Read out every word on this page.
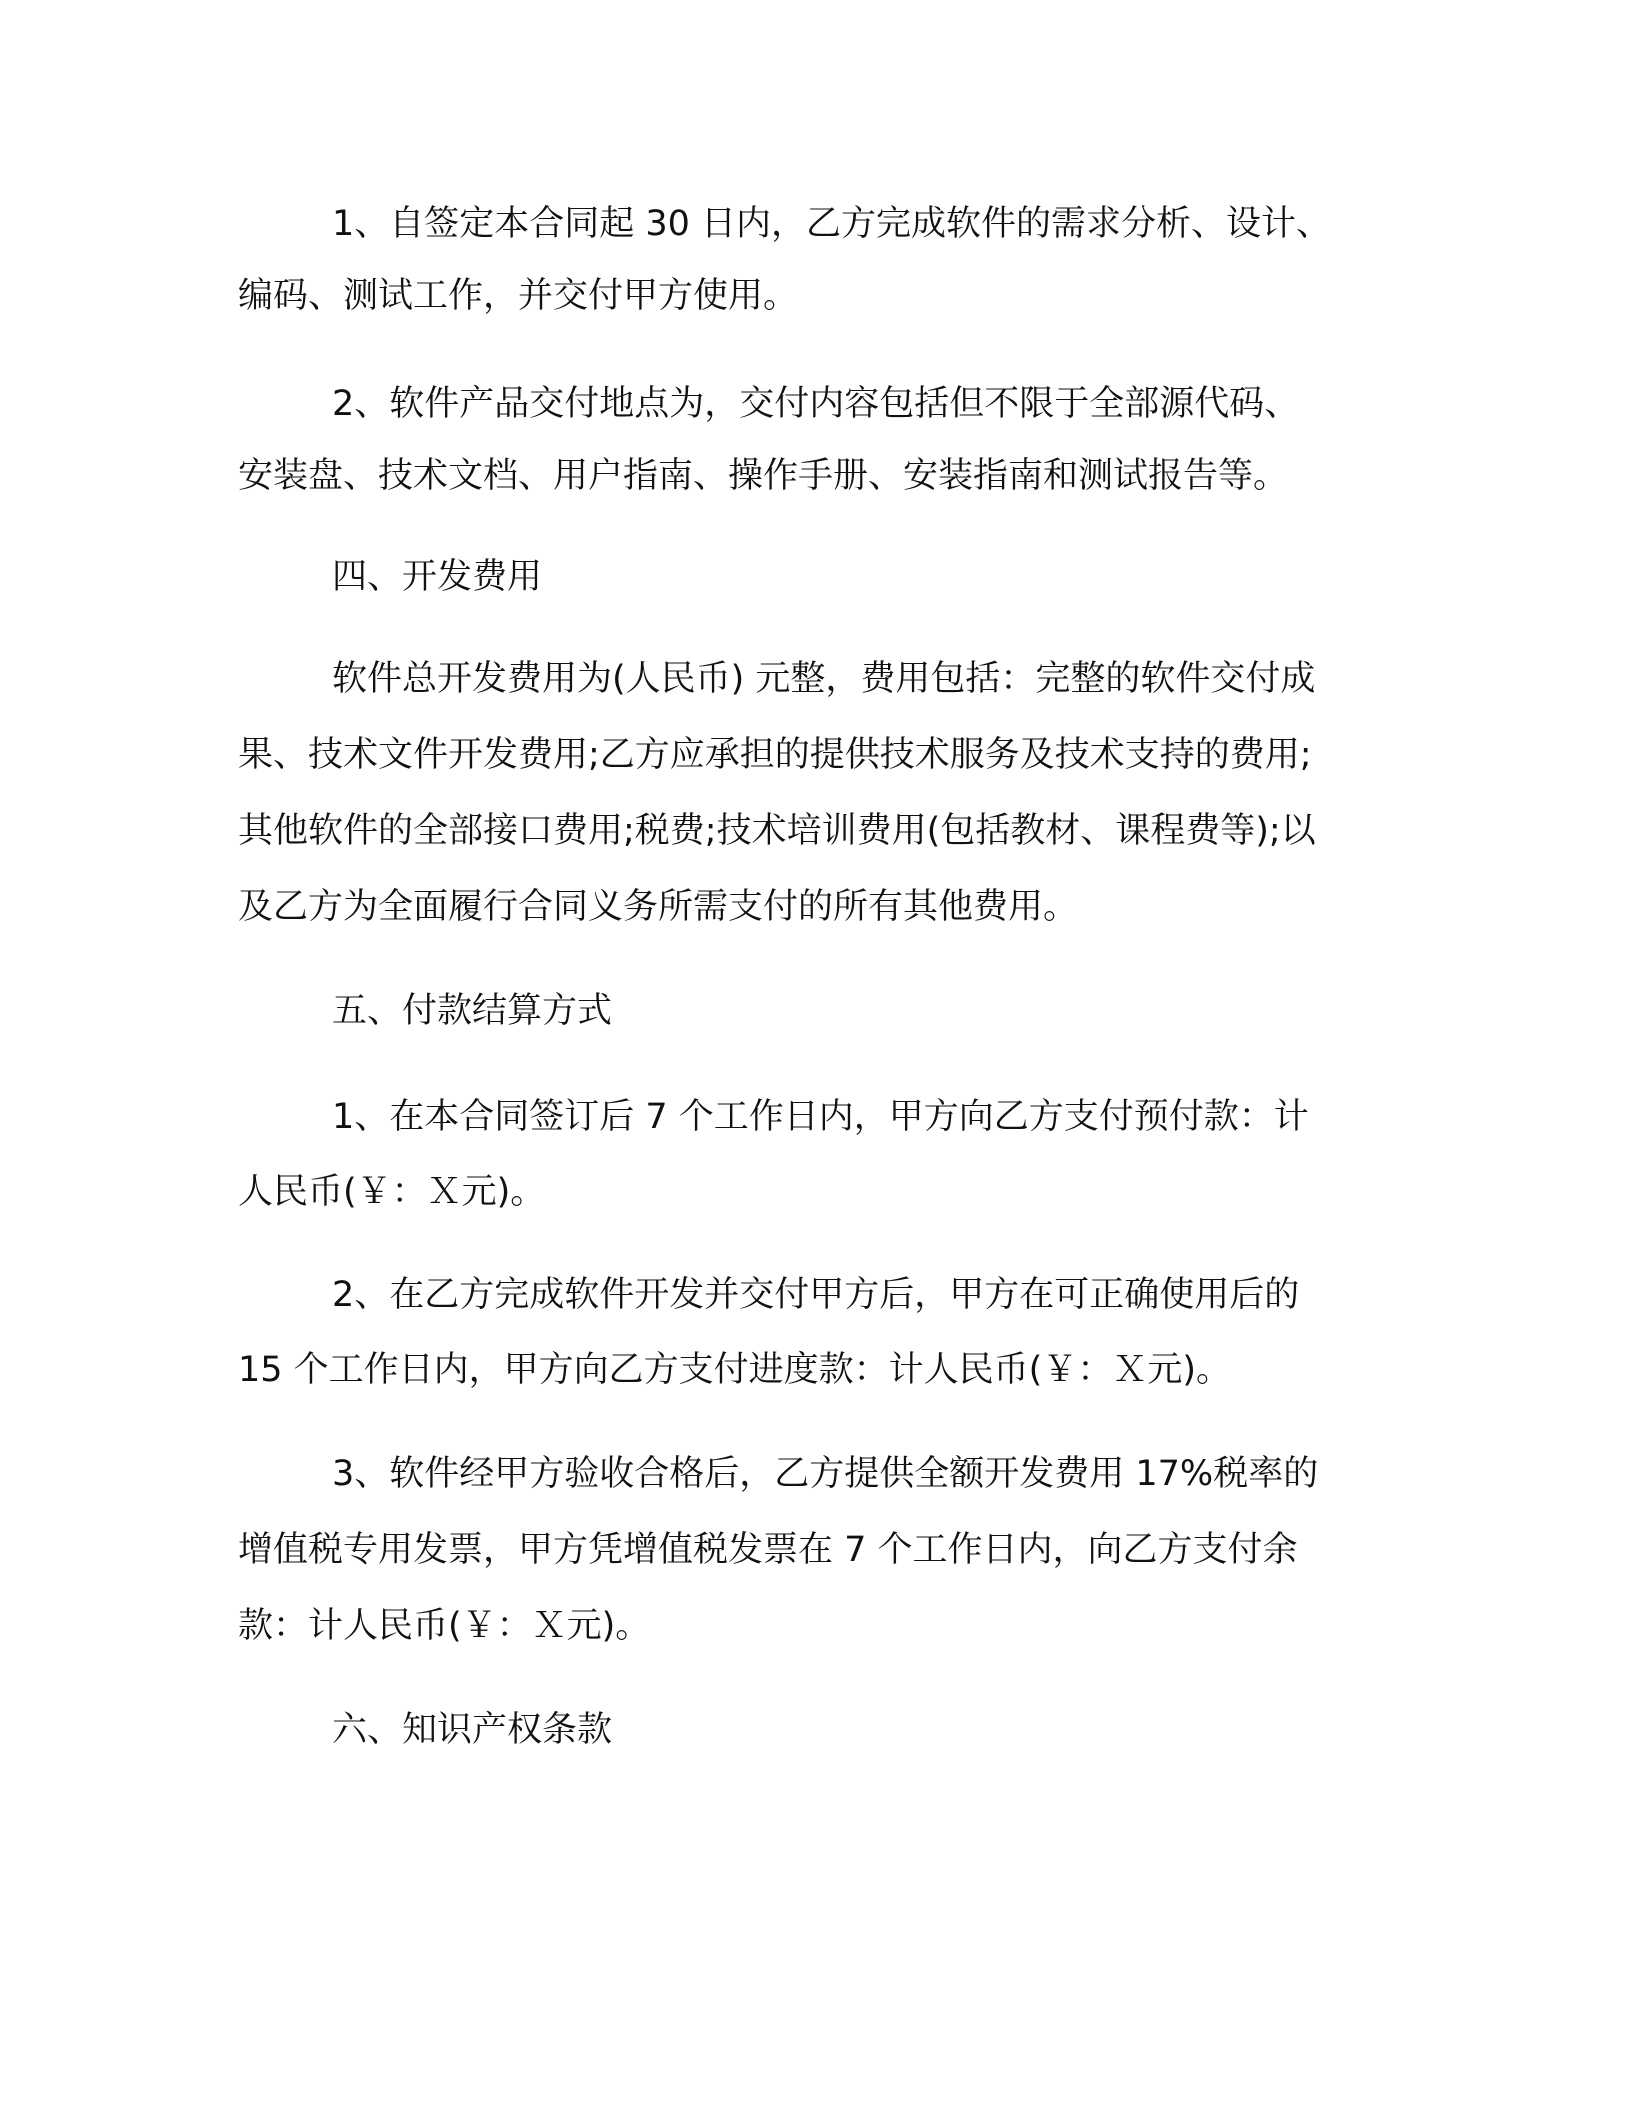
1、自签定本合同起 30 日内，乙方完成软件的需求分析、设计、

编码、测试工作，并交付甲方使用。

2、软件产品交付地点为，交付内容包括但不限于全部源代码、

安装盘、技术文档、用户指南、操作手册、安装指南和测试报告等。

四、开发费用

软件总开发费用为(人民币) 元整，费用包括：完整的软件交付成

果、技术文件开发费用;乙方应承担的提供技术服务及技术支持的费用;

其他软件的全部接口费用;税费;技术培训费用(包括教材、课程费等);以

及乙方为全面履行合同义务所需支付的所有其他费用。

五、付款结算方式

1、在本合同签订后 7 个工作日内，甲方向乙方支付预付款：计

人民币(￥：Ｘ元)。

2、在乙方完成软件开发并交付甲方后，甲方在可正确使用后的

15 个工作日内，甲方向乙方支付进度款：计人民币(￥：Ｘ元)。

3、软件经甲方验收合格后，乙方提供全额开发费用 17%税率的

增值税专用发票，甲方凭增值税发票在 7 个工作日内，向乙方支付余

款：计人民币(￥：Ｘ元)。

六、知识产权条款
